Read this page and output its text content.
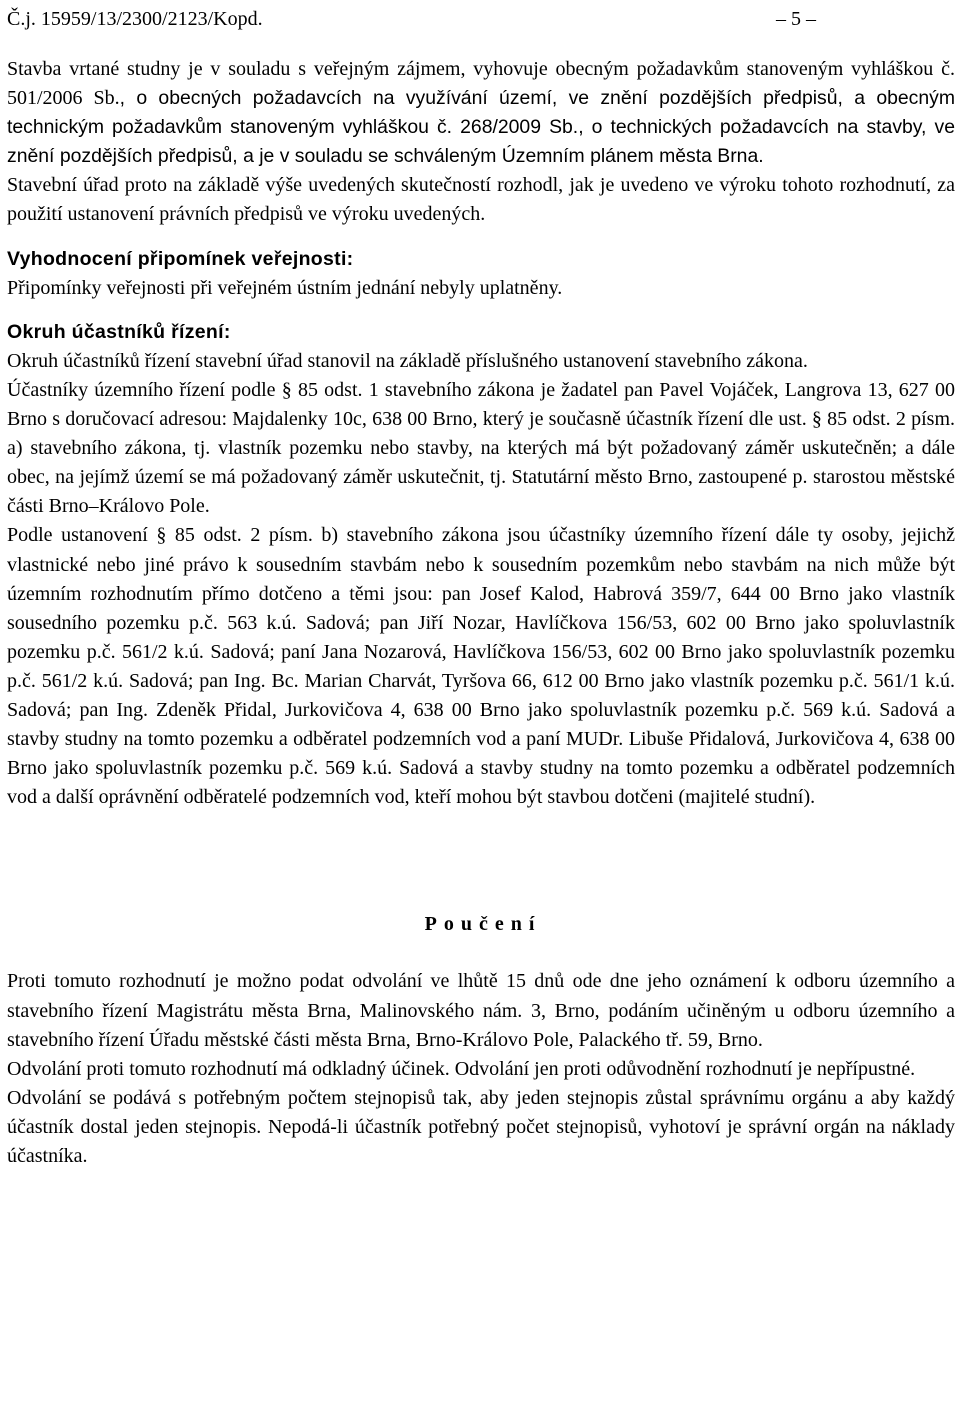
Č.j. 15959/13/2300/2123/Kopd.	– 5 –

Stavba vrtané studny je v souladu s veřejným zájmem, vyhovuje obecným požadavkům stanoveným vyhláškou č. 501/2006 Sb., o obecných požadavcích na využívání území, ve znění pozdějších předpisů, a obecným technickým požadavkům stanoveným vyhláškou č. 268/2009 Sb., o technických požadavcích na stavby, ve znění pozdějších předpisů, a je v souladu se schváleným Územním plánem města Brna.

Stavební úřad proto na základě výše uvedených skutečností rozhodl, jak je uvedeno ve výroku tohoto rozhodnutí, za použití ustanovení právních předpisů ve výroku uvedených.

Vyhodnocení připomínek veřejnosti:

Připomínky veřejnosti při veřejném ústním jednání nebyly uplatněny.

Okruh účastníků řízení:

Okruh účastníků řízení stavební úřad stanovil na základě příslušného ustanovení stavebního zákona.

Účastníky územního řízení podle § 85 odst. 1 stavebního zákona je žadatel pan Pavel Vojáček, Langrova 13, 627 00 Brno s doručovací adresou: Majdalenky 10c, 638 00 Brno, který je současně účastník řízení dle ust. § 85 odst. 2 písm. a) stavebního zákona, tj. vlastník pozemku nebo stavby, na kterých má být požadovaný záměr uskutečněn; a dále obec, na jejímž území se má požadovaný záměr uskutečnit, tj. Statutární město Brno, zastoupené p. starostou městské části Brno–Královo Pole.

Podle ustanovení § 85 odst. 2 písm. b) stavebního zákona jsou účastníky územního řízení dále ty osoby, jejichž vlastnické nebo jiné právo k sousedním stavbám nebo k sousedním pozemkům nebo stavbám na nich může být územním rozhodnutím přímo dotčeno a těmi jsou: pan Josef Kalod, Habrová 359/7, 644 00 Brno jako vlastník sousedního pozemku p.č. 563 k.ú. Sadová; pan Jiří Nozar, Havlíčkova 156/53, 602 00 Brno jako spoluvlastník pozemku p.č. 561/2 k.ú. Sadová; paní Jana Nozarová, Havlíčkova 156/53, 602 00 Brno jako spoluvlastník pozemku p.č. 561/2 k.ú. Sadová; pan Ing. Bc. Marian Charvát, Tyršova 66, 612 00 Brno jako vlastník pozemku p.č. 561/1 k.ú. Sadová; pan Ing. Zdeněk Přidal, Jurkovičova 4, 638 00 Brno jako spoluvlastník pozemku p.č. 569 k.ú. Sadová a stavby studny na tomto pozemku a odběratel podzemních vod a paní MUDr. Libuše Přidalová, Jurkovičova 4, 638 00 Brno jako spoluvlastník pozemku p.č. 569 k.ú. Sadová a stavby studny na tomto pozemku a odběratel podzemních vod a další oprávnění odběratelé podzemních vod, kteří mohou být stavbou dotčeni (majitelé studní).

Poučení

Proti tomuto rozhodnutí je možno podat odvolání ve lhůtě 15 dnů ode dne jeho oznámení k odboru územního a stavebního řízení Magistrátu města Brna, Malinovského nám. 3, Brno, podáním učiněným u odboru územního a stavebního řízení Úřadu městské části města Brna, Brno-Královo Pole, Palackého tř. 59, Brno.

Odvolání proti tomuto rozhodnutí má odkladný účinek. Odvolání jen proti odůvodnění rozhodnutí je nepřípustné.

Odvolání se podává s potřebným počtem stejnopisů tak, aby jeden stejnopis zůstal správnímu orgánu a aby každý účastník dostal jeden stejnopis. Nepodá-li účastník potřebný počet stejnopisů, vyhotoví je správní orgán na náklady účastníka.
